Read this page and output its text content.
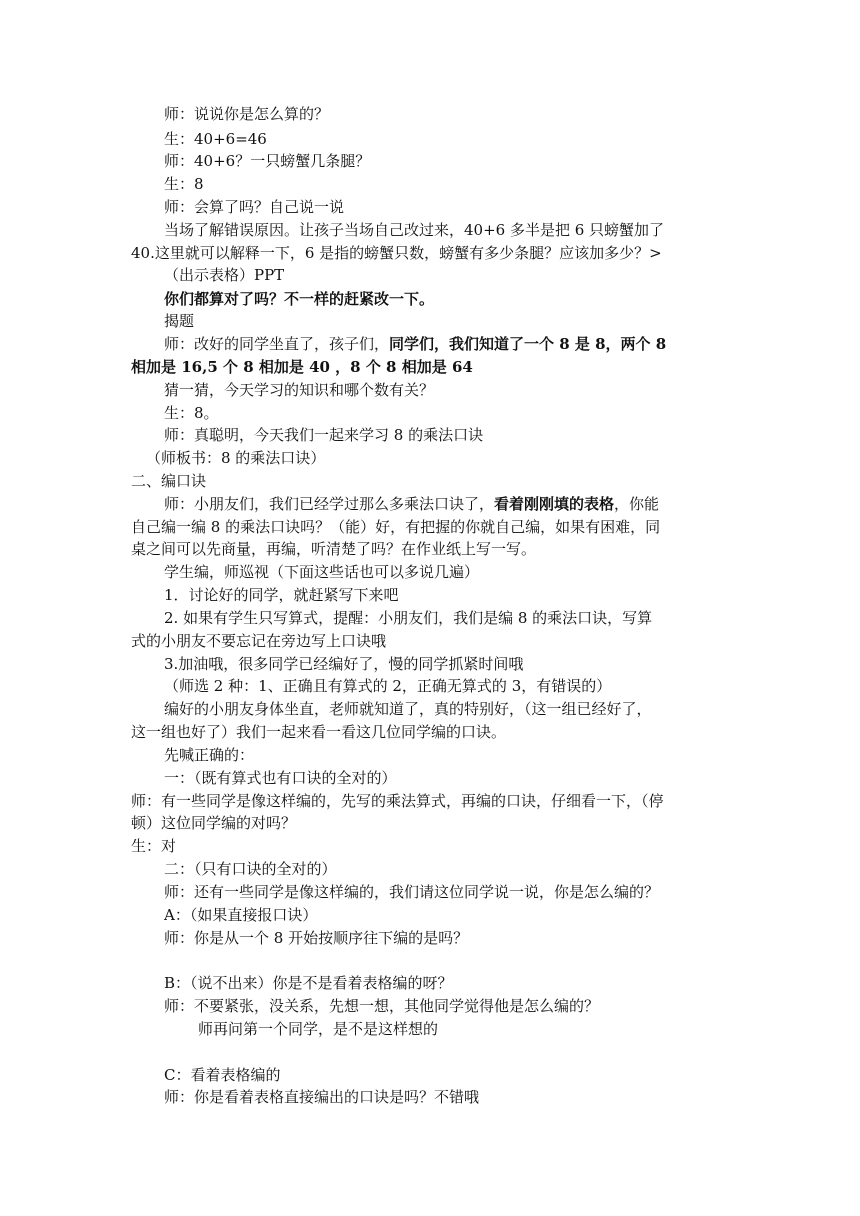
师：说说你是怎么算的？
生：40+6=46
师：40+6？一只螃蟹几条腿？
生：8
师：会算了吗？自己说一说
当场了解错误原因。让孩子当场自己改过来，40+6 多半是把 6 只螃蟹加了
40.这里就可以解释一下，6 是指的螃蟹只数，螃蟹有多少条腿？应该加多少？>
（出示表格）PPT
你们都算对了吗？不一样的赶紧改一下。
揭题
师：改好的同学坐直了，孩子们，同学们，我们知道了一个 8 是 8，两个 8
相加是 16,5 个 8 相加是 40 ，8 个 8 相加是 64
猜一猜，今天学习的知识和哪个数有关？
生：8。
师：真聪明，今天我们一起来学习 8 的乘法口诀
（师板书：8 的乘法口诀）
二、编口诀
师：小朋友们，我们已经学过那么多乘法口诀了，看着刚刚填的表格，你能
自己编一编 8 的乘法口诀吗？（能）好，有把握的你就自己编，如果有困难，同
桌之间可以先商量，再编，听清楚了吗？在作业纸上写一写。
学生编，师巡视（下面这些话也可以多说几遍）
1．讨论好的同学，就赶紧写下来吧
2. 如果有学生只写算式，提醒：小朋友们，我们是编 8 的乘法口诀，写算
式的小朋友不要忘记在旁边写上口诀哦
3.加油哦，很多同学已经编好了，慢的同学抓紧时间哦
（师选 2 种：1、正确且有算式的 2，正确无算式的 3，有错误的）
编好的小朋友身体坐直，老师就知道了，真的特别好，（这一组已经好了，
这一组也好了）我们一起来看一看这几位同学编的口诀。
先喊正确的：
一：（既有算式也有口诀的全对的）
师：有一些同学是像这样编的，先写的乘法算式，再编的口诀，仔细看一下，（停
顿）这位同学编的对吗？
生：对
二：（只有口诀的全对的）
师：还有一些同学是像这样编的，我们请这位同学说一说，你是怎么编的？
A：（如果直接报口诀）
师：你是从一个 8 开始按顺序往下编的是吗？
B：（说不出来）你是不是看着表格编的呀？
师：不要紧张，没关系，先想一想，其他同学觉得他是怎么编的？
师再问第一个同学，是不是这样想的
C：看着表格编的
师：你是看着表格直接编出的口诀是吗？不错哦
